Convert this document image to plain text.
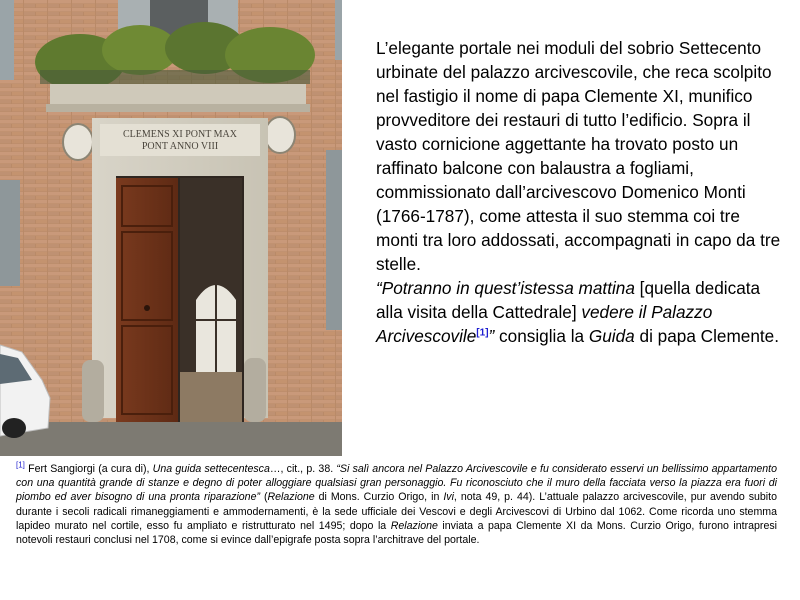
CLEMENS XI PONT MAX
PONT ANNO VIII

L’elegante portale nei moduli del sobrio Settecento urbinate del palazzo arcivescovile, che reca scolpito nel fastigio il nome di papa Clemente XI, munifico provveditore dei restauri di tutto l’edificio. Sopra il vasto cornicione aggettante ha trovato posto un raffinato balcone con balaustra a fogliami, commissionato dall’arcivescovo Domenico Monti (1766-1787), come attesta il suo stemma coi tre monti tra loro addossati, accompagnati in capo da tre stelle.

“Potranno in quest’istessa mattina [quella dedicata alla visita della Cattedrale] vedere il Palazzo Arcivescovile[1]” consiglia la Guida di papa Clemente.

[1] Fert Sangiorgi (a cura di), Una guida settecentesca…, cit., p. 38. “Si salì ancora nel Palazzo Arcivescovile e fu considerato esservi un bellissimo appartamento con una quantità grande di stanze e degno di poter alloggiare qualsiasi gran personaggio. Fu riconosciuto che il muro della facciata verso la piazza era fuori di piombo ed aver bisogno di una pronta riparazione” (Relazione di Mons. Curzio Origo, in Ivi, nota 49, p. 44). L’attuale palazzo arcivescovile, pur avendo subito durante i secoli radicali rimaneggiamenti e ammodernamenti, è la sede ufficiale dei Vescovi e degli Arcivescovi di Urbino dal 1062. Come ricorda uno stemma lapideo murato nel cortile, esso fu ampliato e ristrutturato nel 1495; dopo la Relazione inviata a papa Clemente XI da Mons. Curzio Origo, furono intrapresi notevoli restauri conclusi nel 1708, come si evince dall’epigrafe posta sopra l’architrave del portale.
